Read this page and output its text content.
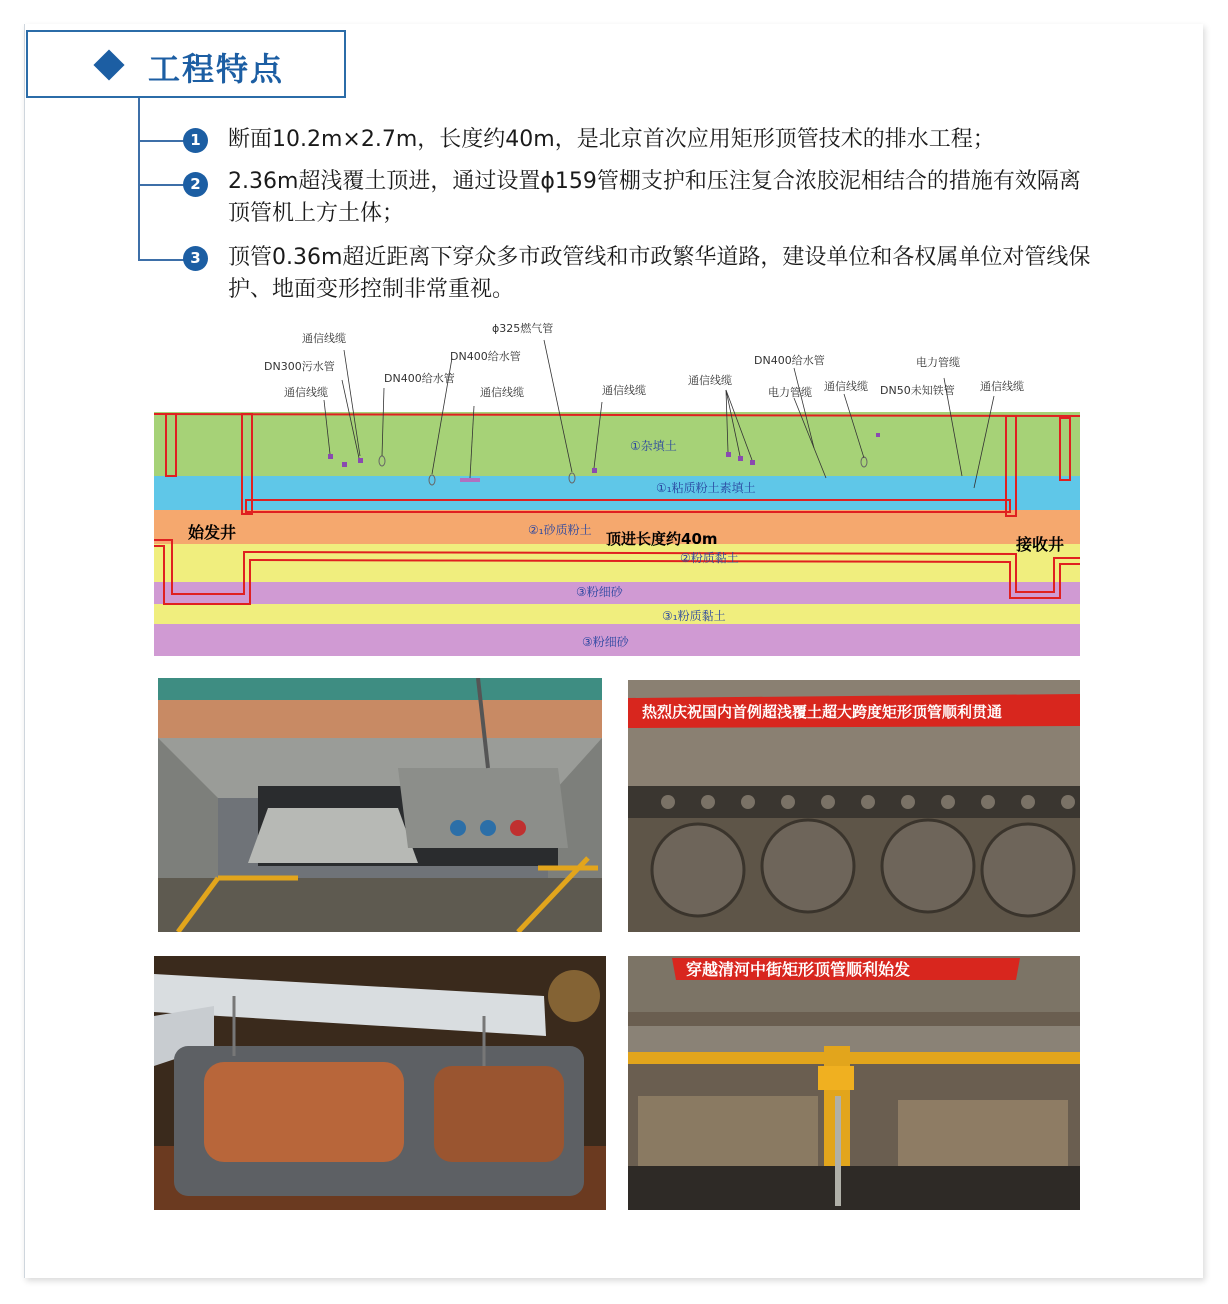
工程特点
1	断面10.2m×2.7m，长度约40m，是北京首次应用矩形顶管技术的排水工程；
2	2.36m超浅覆土顶进，通过设置ϕ159管棚支护和压注复合浓胶泥相结合的措施有效隔离顶管机上方土体；
3	顶管0.36m超近距离下穿众多市政管线和市政繁华道路，建设单位和各权属单位对管线保护、地面变形控制非常重视。
通信线缆
DN300污水管
通信线缆
DN400给水管
DN400给水管
ϕ325燃气管
通信线缆	通信线缆
通信线缆
DN400给水管
电力管缆 通信线缆 DN50未知铁管
电力管缆
通信线缆
①杂填土
①₁粘质粉土素填土
②₁砂质粉土
②粉质黏土
③粉细砂
③₁粉质黏土
③粉细砂
始发井
接收井
顶进长度约40m
热烈庆祝国内首例超浅覆土超大跨度矩形顶管顺利贯通
穿越清河中街矩形顶管顺利始发
